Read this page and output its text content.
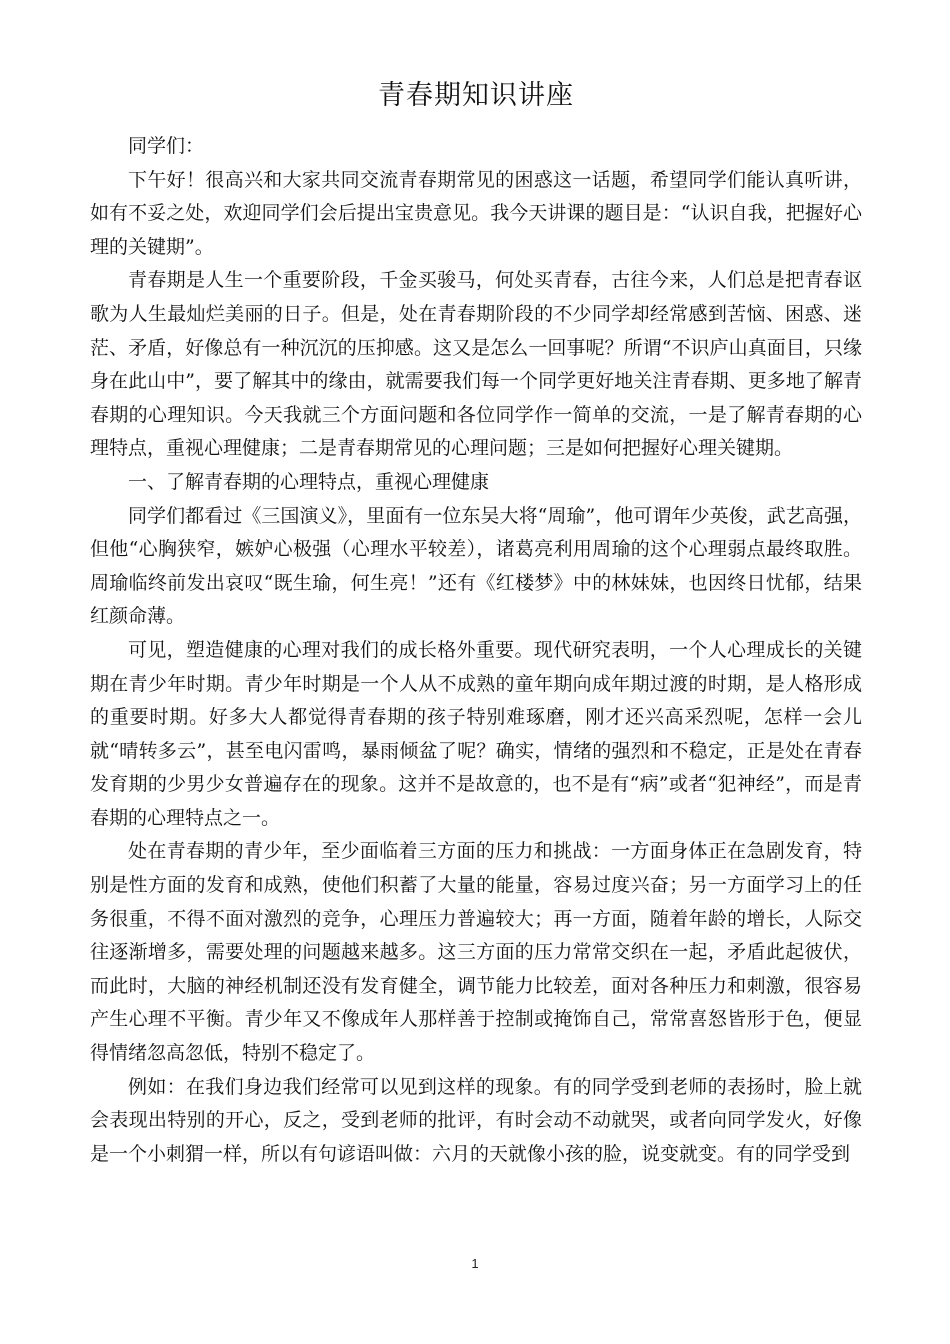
青春期知识讲座

同学们：

下午好！很高兴和大家共同交流青春期常见的困惑这一话题，希望同学们能认真听讲，如有不妥之处，欢迎同学们会后提出宝贵意见。我今天讲课的题目是：“认识自我，把握好心理的关键期”。

青春期是人生一个重要阶段，千金买骏马，何处买青春，古往今来，人们总是把青春讴歌为人生最灿烂美丽的日子。但是，处在青春期阶段的不少同学却经常感到苦恼、困惑、迷茫、矛盾，好像总有一种沉沉的压抑感。这又是怎么一回事呢？所谓“不识庐山真面目，只缘身在此山中”，要了解其中的缘由，就需要我们每一个同学更好地关注青春期、更多地了解青春期的心理知识。今天我就三个方面问题和各位同学作一简单的交流，一是了解青春期的心理特点，重视心理健康；二是青春期常见的心理问题；三是如何把握好心理关键期。

一、了解青春期的心理特点，重视心理健康

同学们都看过《三国演义》，里面有一位东吴大将“周瑜”，他可谓年少英俊，武艺高强，但他“心胸狭窄，嫉妒心极强（心理水平较差），诸葛亮利用周瑜的这个心理弱点最终取胜。周瑜临终前发出哀叹“既生瑜，何生亮！”还有《红楼梦》中的林妹妹，也因终日忧郁，结果红颜命薄。

可见，塑造健康的心理对我们的成长格外重要。现代研究表明，一个人心理成长的关键期在青少年时期。青少年时期是一个人从不成熟的童年期向成年期过渡的时期，是人格形成的重要时期。好多大人都觉得青春期的孩子特别难琢磨，刚才还兴高采烈呢，怎样一会儿就“晴转多云”，甚至电闪雷鸣，暴雨倾盆了呢？确实，情绪的强烈和不稳定，正是处在青春发育期的少男少女普遍存在的现象。这并不是故意的，也不是有“病”或者“犯神经”，而是青春期的心理特点之一。

处在青春期的青少年，至少面临着三方面的压力和挑战：一方面身体正在急剧发育，特别是性方面的发育和成熟，使他们积蓄了大量的能量，容易过度兴奋；另一方面学习上的任务很重，不得不面对激烈的竞争，心理压力普遍较大；再一方面，随着年龄的增长，人际交往逐渐增多，需要处理的问题越来越多。这三方面的压力常常交织在一起，矛盾此起彼伏，而此时，大脑的神经机制还没有发育健全，调节能力比较差，面对各种压力和刺激，很容易产生心理不平衡。青少年又不像成年人那样善于控制或掩饰自己，常常喜怒皆形于色，便显得情绪忽高忽低，特别不稳定了。

例如：在我们身边我们经常可以见到这样的现象。有的同学受到老师的表扬时，脸上就会表现出特别的开心，反之，受到老师的批评，有时会动不动就哭，或者向同学发火，好像是一个小刺猬一样，所以有句谚语叫做：六月的天就像小孩的脸，说变就变。有的同学受到

1
